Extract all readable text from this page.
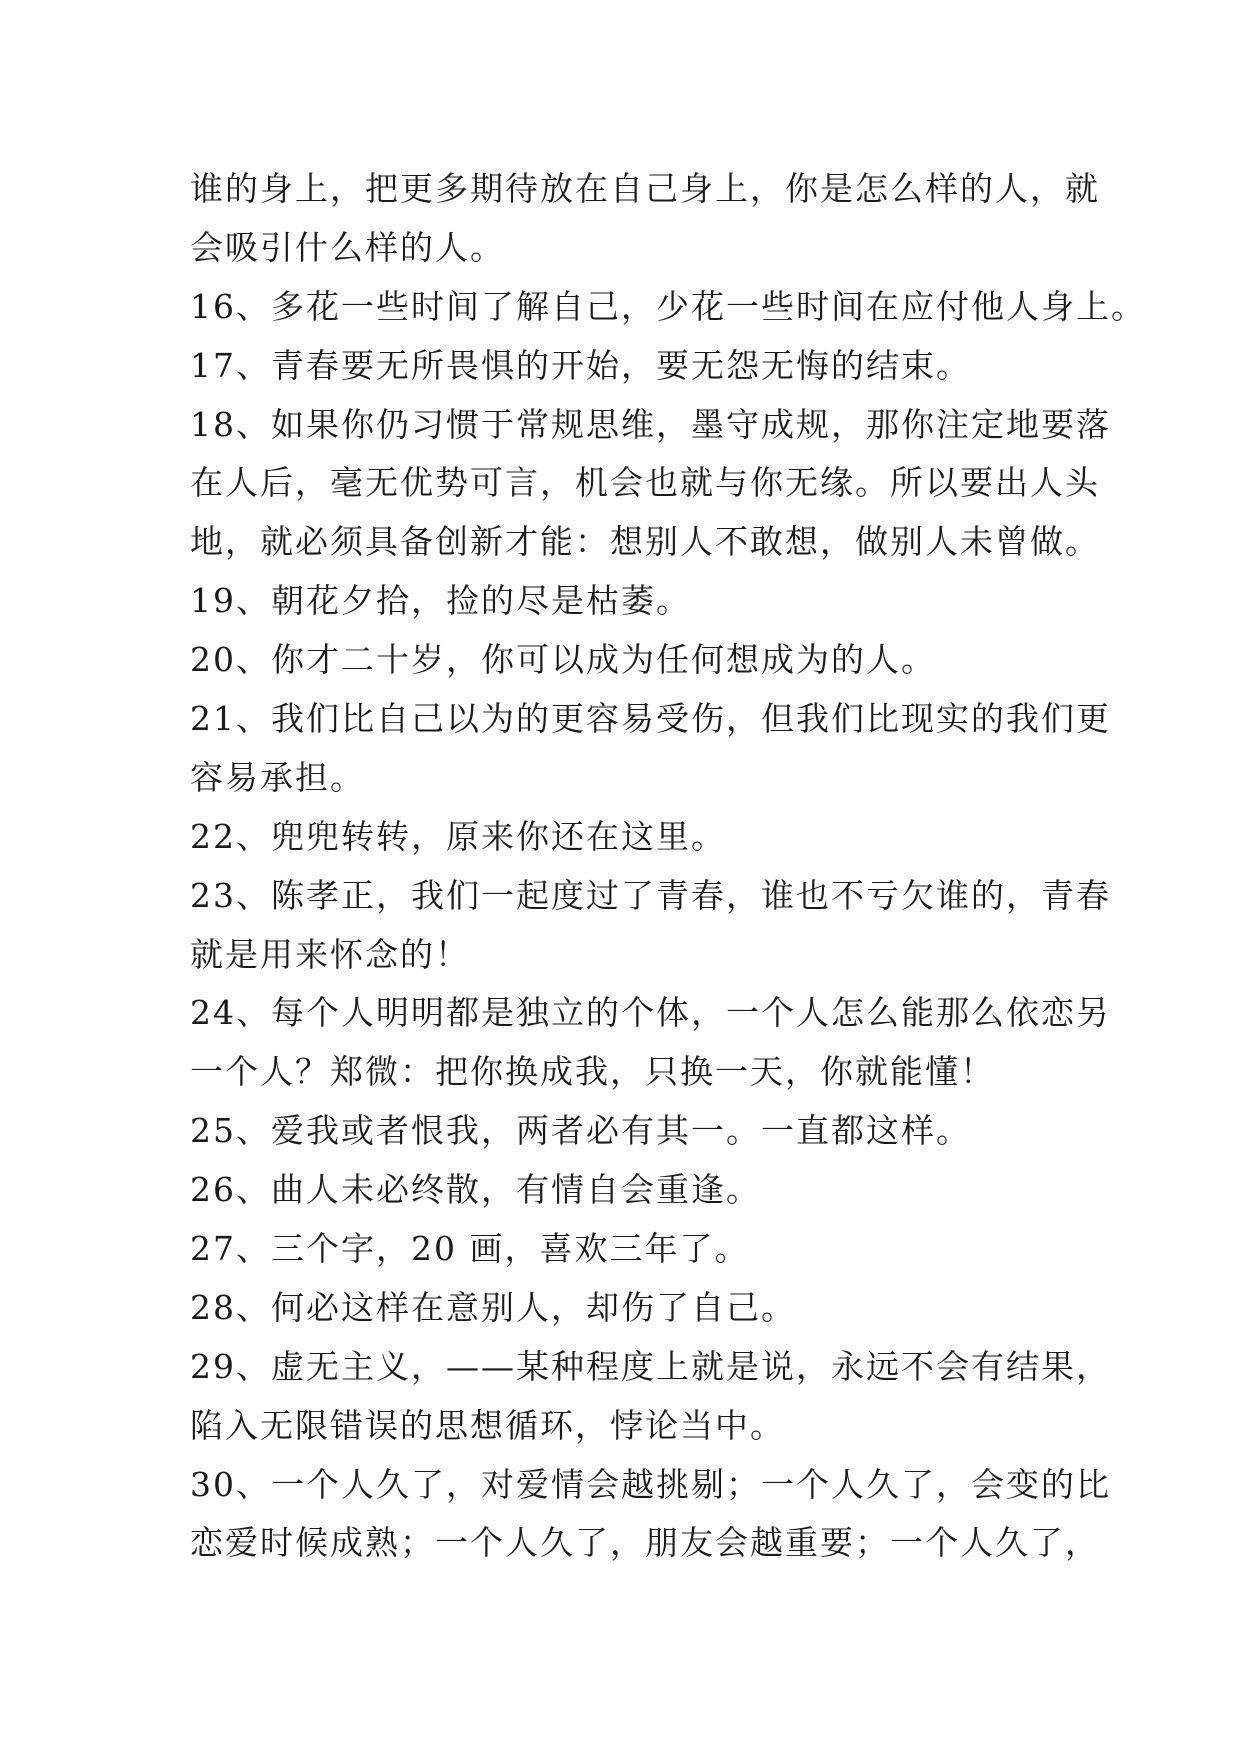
谁的身上，把更多期待放在自己身上，你是怎么样的人，就
会吸引什么样的人。
16、多花一些时间了解自己，少花一些时间在应付他人身上。
17、青春要无所畏惧的开始，要无怨无悔的结束。
18、如果你仍习惯于常规思维，墨守成规，那你注定地要落
在人后，毫无优势可言，机会也就与你无缘。所以要出人头
地，就必须具备创新才能：想别人不敢想，做别人未曾做。
19、朝花夕拾，捡的尽是枯萎。
20、你才二十岁，你可以成为任何想成为的人。
21、我们比自己以为的更容易受伤，但我们比现实的我们更
容易承担。
22、兜兜转转，原来你还在这里。
23、陈孝正，我们一起度过了青春，谁也不亏欠谁的，青春
就是用来怀念的！
24、每个人明明都是独立的个体，一个人怎么能那么依恋另
一个人？郑微：把你换成我，只换一天，你就能懂！
25、爱我或者恨我，两者必有其一。一直都这样。
26、曲人未必终散，有情自会重逢。
27、三个字，20 画，喜欢三年了。
28、何必这样在意别人，却伤了自己。
29、虚无主义，——某种程度上就是说，永远不会有结果，
陷入无限错误的思想循环，悖论当中。
30、一个人久了，对爱情会越挑剔；一个人久了，会变的比
恋爱时候成熟；一个人久了，朋友会越重要；一个人久了，
